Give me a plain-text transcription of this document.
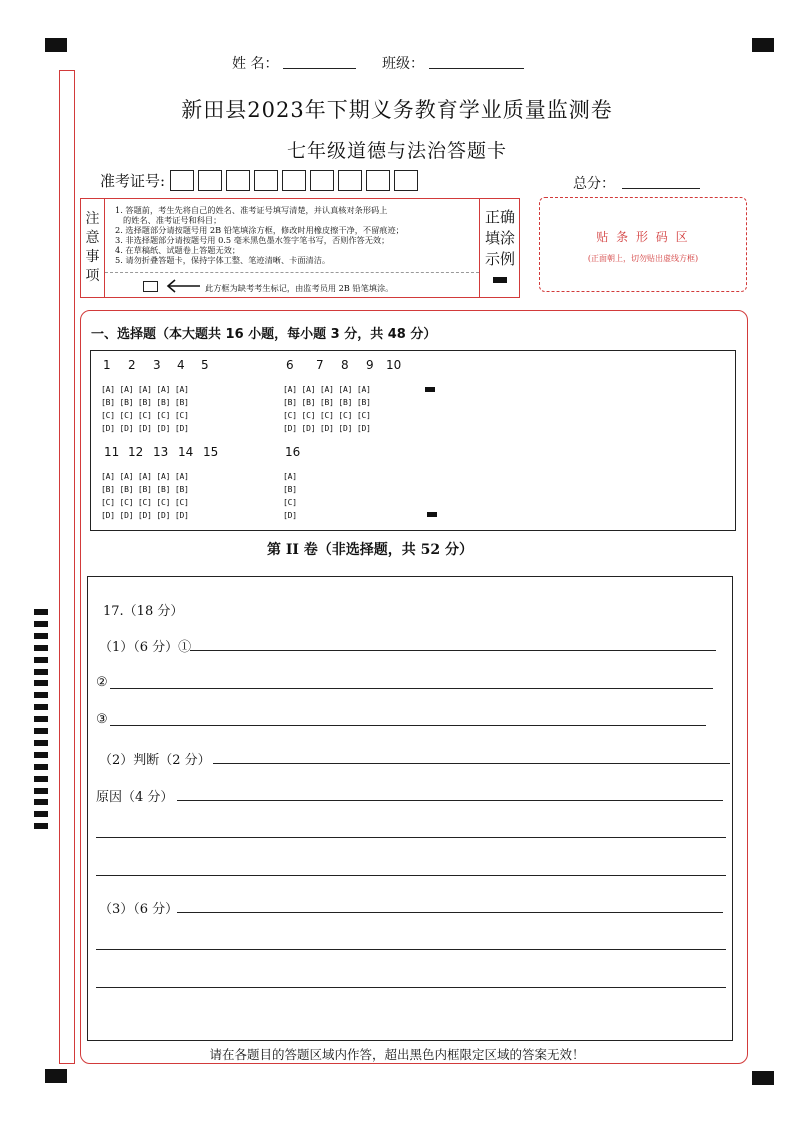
姓 名：	班级：
新田县2023年下期义务教育学业质量监测卷
七年级道德与法治答题卡
准考证号:	总分：
注
意
事
项
1. 答题前，考生先将自己的姓名、准考证号填写清楚，并认真核对条形码上
的姓名、准考证号和科目；
2. 选择题部分请按题号用 2B 铅笔填涂方框，修改时用橡皮擦干净，不留痕迹；
3. 非选择题部分请按题号用 0.5 毫米黑色墨水签字笔书写，否则作答无效；
4. 在草稿纸、试题卷上答题无效；
5. 请勿折叠答题卡，保持字体工整、笔迹清晰、卡面清洁。
此方框为缺考考生标记，由监考员用 2B 铅笔填涂。
正确
填涂
示例
贴 条 形 码 区
(正面朝上，切勿贴出虚线方框)
一、选择题（本大题共 16 小题，每小题 3 分，共 48 分）
1 2 3 4 5	6 7 8 9 10
[A] [A] [A] [A] [A]
[B] [B] [B] [B] [B]
[C] [C] [C] [C] [C]
[D] [D] [D] [D] [D]
[A] [A] [A] [A] [A]
[B] [B] [B] [B] [B]
[C] [C] [C] [C] [C]
[D] [D] [D] [D] [D]
11 12 13 14 15	16
[A] [A] [A] [A] [A]
[B] [B] [B] [B] [B]
[C] [C] [C] [C] [C]
[D] [D] [D] [D] [D]
[A]
[B]
[C]
[D]
第 II 卷（非选择题，共 52 分）
17.（18 分）
（1）（6 分）①
②
③
（2）判断（2 分）
原因（4 分）
（3）（6 分）
请在各题目的答题区域内作答，超出黑色内框限定区域的答案无效！
